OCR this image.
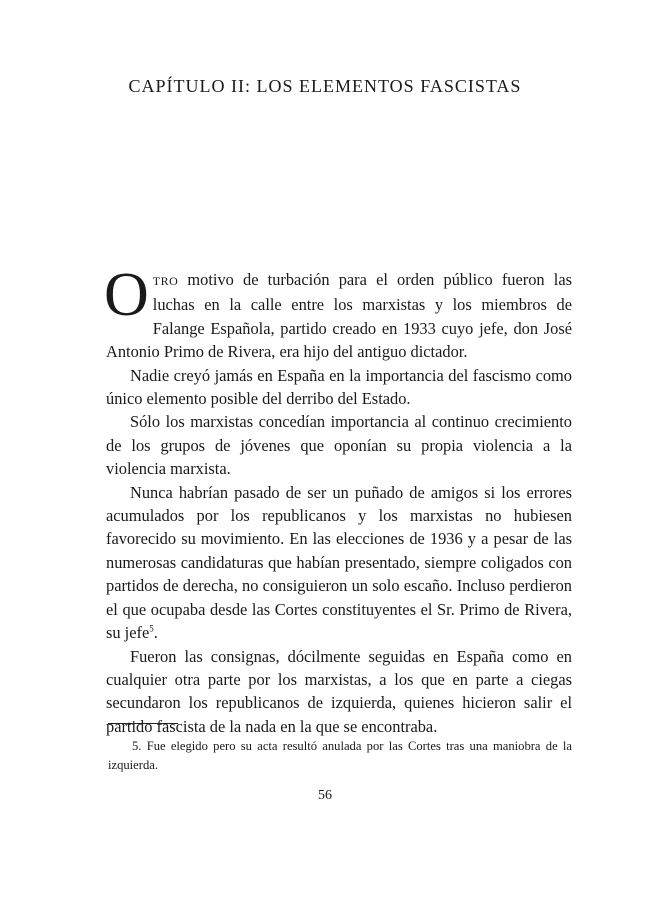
CAPÍTULO II: LOS ELEMENTOS FASCISTAS

OTRO motivo de turbación para el orden público fueron las luchas en la calle entre los marxistas y los miembros de Falange Española, partido creado en 1933 cuyo jefe, don José Antonio Primo de Rivera, era hijo del antiguo dictador.

Nadie creyó jamás en España en la importancia del fascismo como único elemento posible del derribo del Estado.

Sólo los marxistas concedían importancia al continuo crecimiento de los grupos de jóvenes que oponían su propia violencia a la violencia marxista.

Nunca habrían pasado de ser un puñado de amigos si los errores acumulados por los republicanos y los marxistas no hubiesen favorecido su movimiento. En las elecciones de 1936 y a pesar de las numerosas candidaturas que habían presentado, siempre coligados con partidos de derecha, no consiguieron un solo escaño. Incluso perdieron el que ocupaba desde las Cortes constituyentes el Sr. Primo de Rivera, su jefe$^5$.

Fueron las consignas, dócilmente seguidas en España como en cualquier otra parte por los marxistas, a los que en parte a ciegas secundaron los republicanos de izquierda, quienes hicieron salir el partido fascista de la nada en la que se encontraba.

5. Fue elegido pero su acta resultó anulada por las Cortes tras una maniobra de la izquierda.

56
